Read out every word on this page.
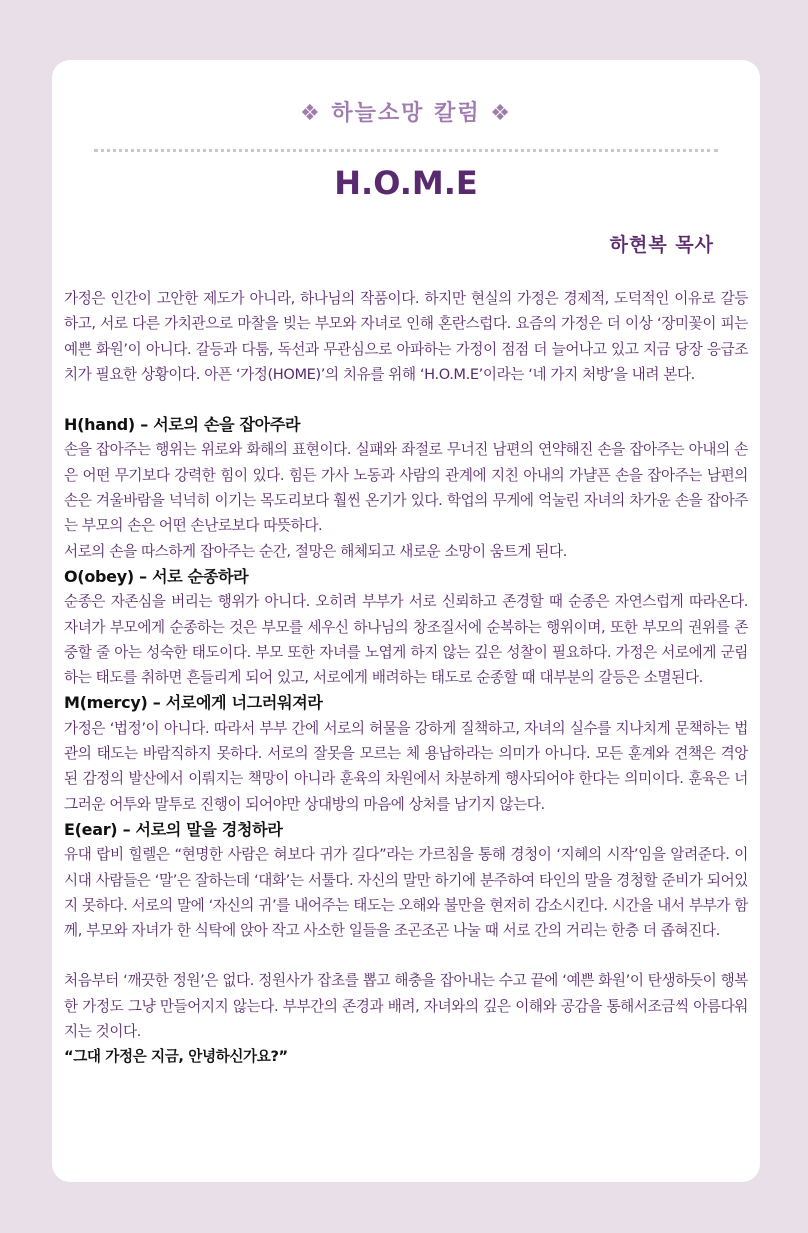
❖ 하늘소망 칼럼 ❖
H.O.M.E
하현복 목사

가정은 인간이 고안한 제도가 아니라, 하나님의 작품이다. 하지만 현실의 가정은 경제적, 도덕적인 이유로 갈등하고, 서로 다른 가치관으로 마찰을 빚는 부모와 자녀로 인해 혼란스럽다. 요즘의 가정은 더 이상 ‘장미꽃이 피는 예쁜 화원’이 아니다. 갈등과 다툼, 독선과 무관심으로 아파하는 가정이 점점 더 늘어나고 있고 지금 당장 응급조치가 필요한 상황이다. 아픈 ‘가정(HOME)’의 치유를 위해 ‘H.O.M.E’이라는 ‘네 가지 처방’을 내려 본다.

H(hand) – 서로의 손을 잡아주라

손을 잡아주는 행위는 위로와 화해의 표현이다. 실패와 좌절로 무너진 남편의 연약해진 손을 잡아주는 아내의 손은 어떤 무기보다 강력한 힘이 있다. 힘든 가사 노동과 사람의 관계에 지친 아내의 가냘픈 손을 잡아주는 남편의 손은 겨울바람을 넉넉히 이기는 목도리보다 훨씬 온기가 있다. 학업의 무게에 억눌린 자녀의 차가운 손을 잡아주는 부모의 손은 어떤 손난로보다 따뜻하다.

서로의 손을 따스하게 잡아주는 순간, 절망은 해체되고 새로운 소망이 움트게 된다.

O(obey) – 서로 순종하라

순종은 자존심을 버리는 행위가 아니다. 오히려 부부가 서로 신뢰하고 존경할 때 순종은 자연스럽게 따라온다. 자녀가 부모에게 순종하는 것은 부모를 세우신 하나님의 창조질서에 순복하는 행위이며, 또한 부모의 권위를 존중할 줄 아는 성숙한 태도이다. 부모 또한 자녀를 노엽게 하지 않는 깊은 성찰이 필요하다. 가정은 서로에게 군림하는 태도를 취하면 흔들리게 되어 있고, 서로에게 배려하는 태도로 순종할 때 대부분의 갈등은 소멸된다.

M(mercy) – 서로에게 너그러워져라

가정은 ‘법정’이 아니다. 따라서 부부 간에 서로의 허물을 강하게 질책하고, 자녀의 실수를 지나치게 문책하는 법관의 태도는 바람직하지 못하다. 서로의 잘못을 모르는 체 용납하라는 의미가 아니다. 모든 훈계와 견책은 격앙된 감정의 발산에서 이뤄지는 책망이 아니라 훈육의 차원에서 차분하게 행사되어야 한다는 의미이다. 훈육은 너그러운 어투와 말투로 진행이 되어야만 상대방의 마음에 상처를 남기지 않는다.

E(ear) – 서로의 말을 경청하라

유대 랍비 힐렐은 “현명한 사람은 혀보다 귀가 길다”라는 가르침을 통해 경청이 ‘지혜의 시작’임을 알려준다. 이 시대 사람들은 ‘말’은 잘하는데 ‘대화’는 서툴다. 자신의 말만 하기에 분주하여 타인의 말을 경청할 준비가 되어있지 못하다. 서로의 말에 ‘자신의 귀’를 내어주는 태도는 오해와 불만을 현저히 감소시킨다. 시간을 내서 부부가 함께, 부모와 자녀가 한 식탁에 앉아 작고 사소한 일들을 조곤조곤 나눌 때 서로 간의 거리는 한층 더 좁혀진다.

처음부터 ‘깨끗한 정원’은 없다. 정원사가 잡초를 뽑고 해충을 잡아내는 수고 끝에 ‘예쁜 화원’이 탄생하듯이 행복한 가정도 그냥 만들어지지 않는다. 부부간의 존경과 배려, 자녀와의 깊은 이해와 공감을 통해서조금씩 아름다워지는 것이다.

“그대 가정은 지금, 안녕하신가요?”
